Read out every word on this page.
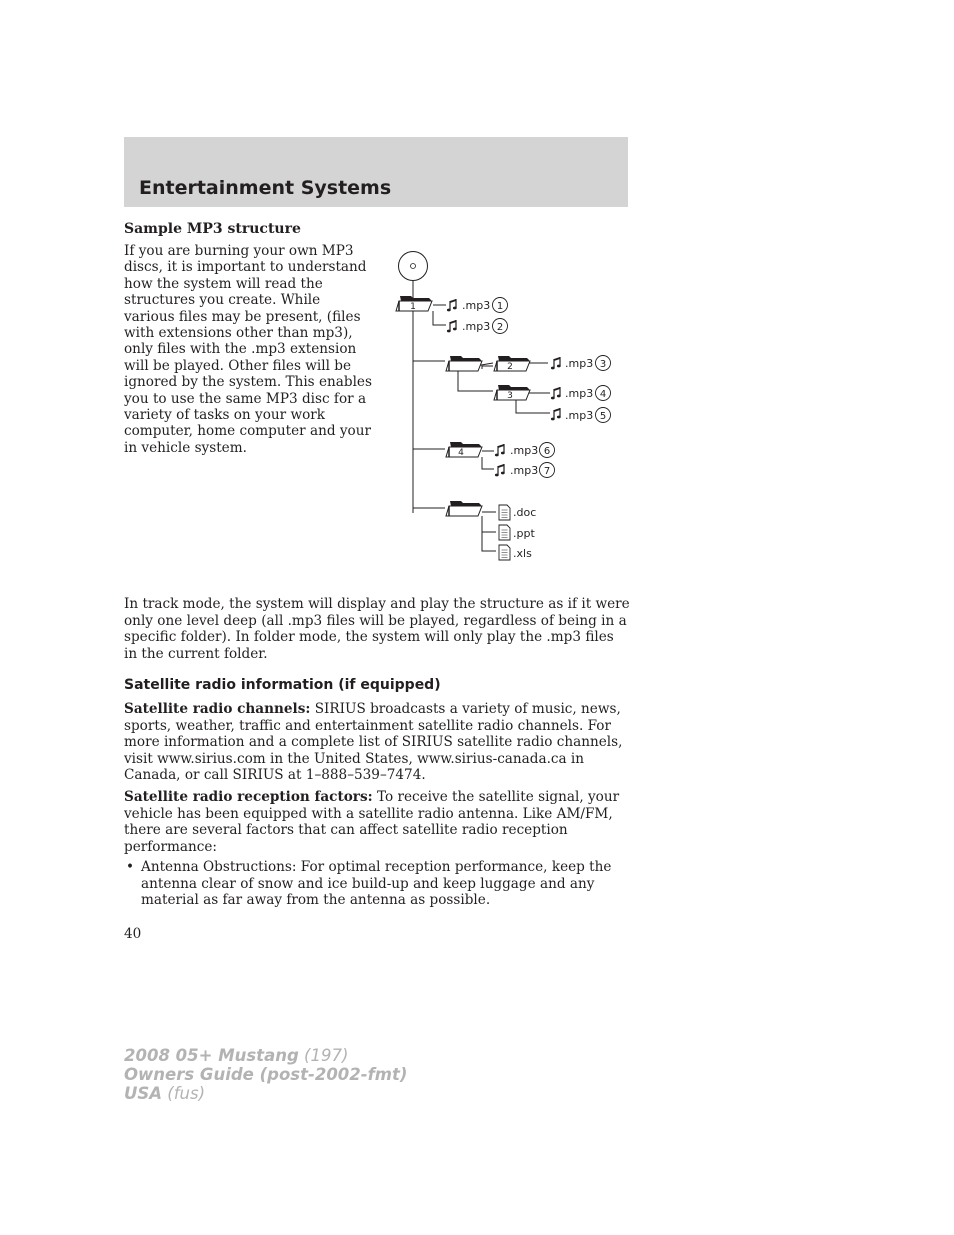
Entertainment Systems
Sample MP3 structure

If you are burning your own MP3 discs, it is important to understand how the system will read the structures you create. While various files may be present, (files with extensions other than mp3), only files with the .mp3 extension will be played. Other files will be ignored by the system. This enables you to use the same MP3 disc for a variety of tasks on your work computer, home computer and your in vehicle system.

1	.mp3 1
.mp3 2
2	.mp3 3
3	.mp3 4
.mp3 5
4	.mp3 6
.mp3 7
.doc
.ppt
.xls

In track mode, the system will display and play the structure as if it were only one level deep (all .mp3 files will be played, regardless of being in a specific folder). In folder mode, the system will only play the .mp3 files in the current folder.

Satellite radio information (if equipped)

Satellite radio channels: SIRIUS broadcasts a variety of music, news, sports, weather, traffic and entertainment satellite radio channels. For more information and a complete list of SIRIUS satellite radio channels, visit www.sirius.com in the United States, www.sirius-canada.ca in Canada, or call SIRIUS at 1–888–539–7474.

Satellite radio reception factors: To receive the satellite signal, your vehicle has been equipped with a satellite radio antenna. Like AM/FM, there are several factors that can affect satellite radio reception performance:

• Antenna Obstructions: For optimal reception performance, keep the antenna clear of snow and ice build-up and keep luggage and any material as far away from the antenna as possible.

40

2008 05+ Mustang (197)
Owners Guide (post-2002-fmt)
USA (fus)
